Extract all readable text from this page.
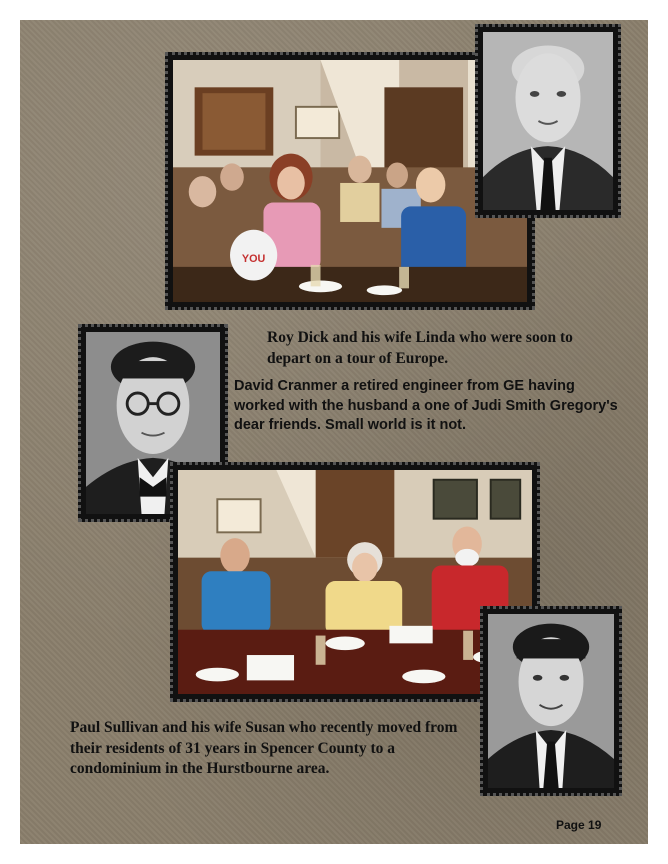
YOU

Roy Dick and his wife Linda who were soon to depart on a tour of Europe.

David Cranmer a retired engineer from GE having worked with the husband a one of Judi Smith Gregory's dear friends. Small world is it not.

Paul Sullivan and his wife Susan who recently moved from their residents of 31 years in Spencer County to a condominium in the Hurstbourne area.

Page 19
